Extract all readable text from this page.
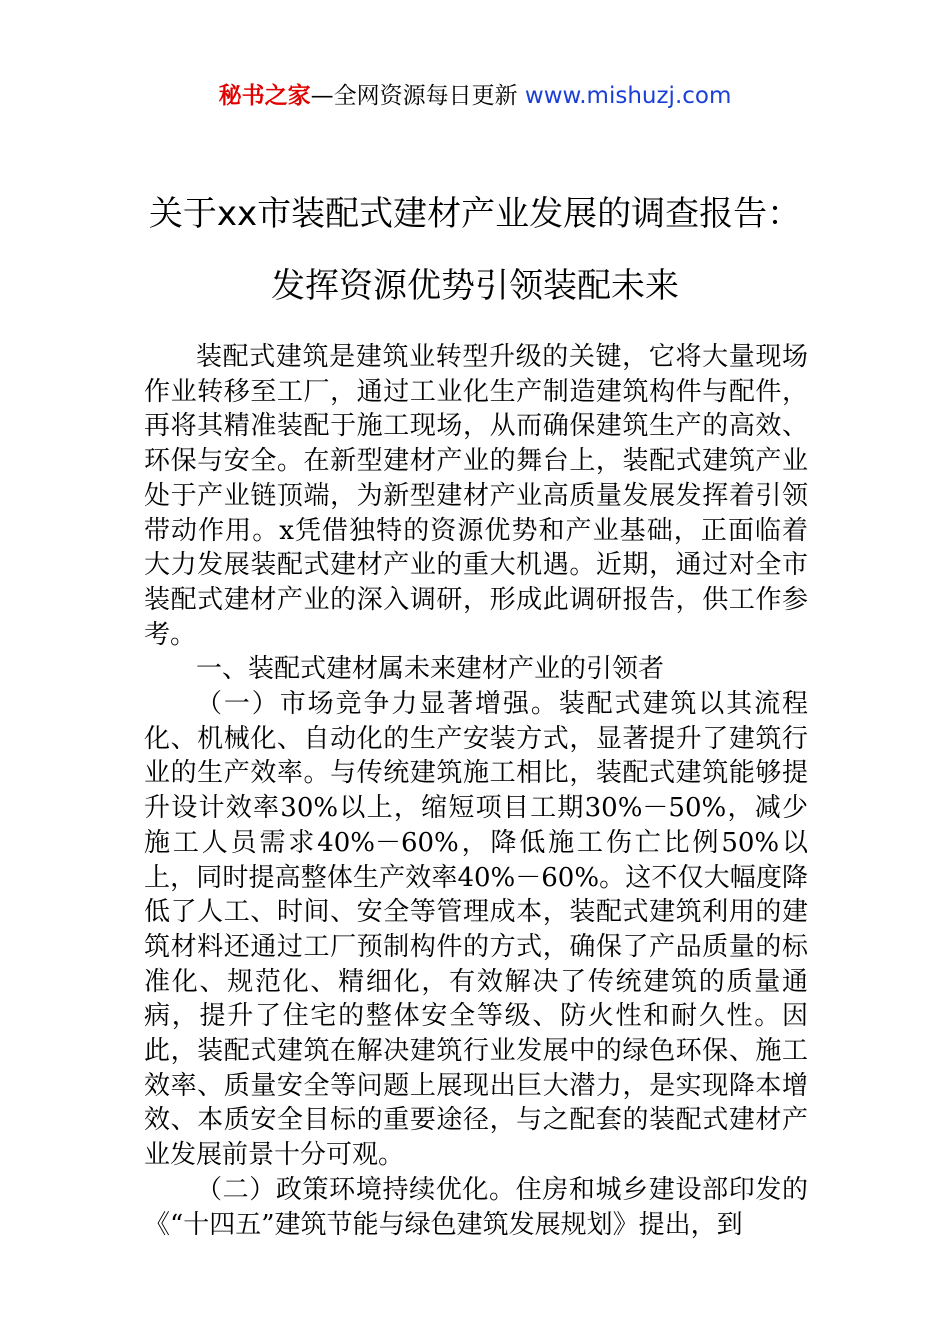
秘书之家—全网资源每日更新 www.mishuzj.com
关于xx市装配式建材产业发展的调查报告：
发挥资源优势引领装配未来

装配式建筑是建筑业转型升级的关键，它将大量现场作业转移至工厂，通过工业化生产制造建筑构件与配件，再将其精准装配于施工现场，从而确保建筑生产的高效、环保与安全。在新型建材产业的舞台上，装配式建筑产业处于产业链顶端，为新型建材产业高质量发展发挥着引领带动作用。x凭借独特的资源优势和产业基础，正面临着大力发展装配式建材产业的重大机遇。近期，通过对全市装配式建材产业的深入调研，形成此调研报告，供工作参考。

一、装配式建材属未来建材产业的引领者

（一）市场竞争力显著增强。装配式建筑以其流程化、机械化、自动化的生产安装方式，显著提升了建筑行业的生产效率。与传统建筑施工相比，装配式建筑能够提升设计效率30%以上，缩短项目工期30%－50%，减少施工人员需求40%－60%，降低施工伤亡比例50%以上，同时提高整体生产效率40%－60%。这不仅大幅度降低了人工、时间、安全等管理成本，装配式建筑利用的建筑材料还通过工厂预制构件的方式，确保了产品质量的标准化、规范化、精细化，有效解决了传统建筑的质量通病，提升了住宅的整体安全等级、防火性和耐久性。因此，装配式建筑在解决建筑行业发展中的绿色环保、施工效率、质量安全等问题上展现出巨大潜力，是实现降本增效、本质安全目标的重要途径，与之配套的装配式建材产业发展前景十分可观。

（二）政策环境持续优化。住房和城乡建设部印发的《“十四五”建筑节能与绿色建筑发展规划》提出，到
